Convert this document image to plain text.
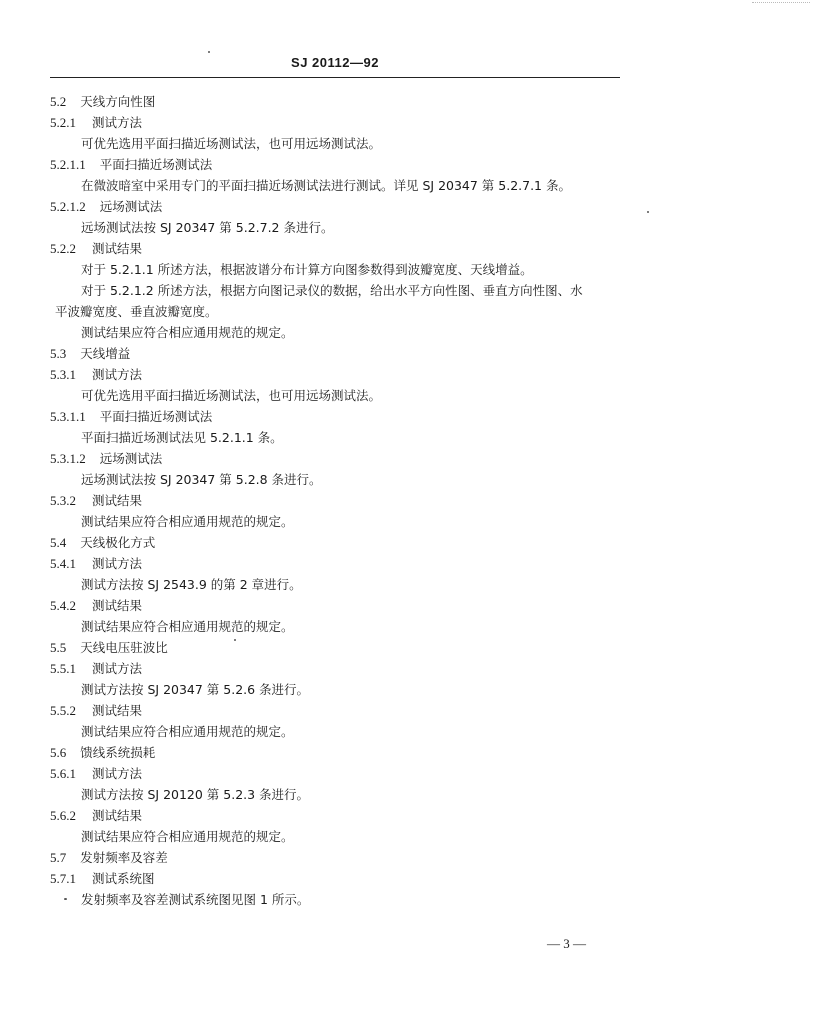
SJ 20112—92
5.2 天线方向性图
5.2.1 测试方法
可优先选用平面扫描近场测试法，也可用远场测试法。
5.2.1.1 平面扫描近场测试法
在微波暗室中采用专门的平面扫描近场测试法进行测试。详见 SJ 20347 第 5.2.7.1 条。
5.2.1.2 远场测试法
远场测试法按 SJ 20347 第 5.2.7.2 条进行。
5.2.2 测试结果
对于 5.2.1.1 所述方法，根据波谱分布计算方向图参数得到波瓣宽度、天线增益。
对于 5.2.1.2 所述方法，根据方向图记录仪的数据，给出水平方向性图、垂直方向性图、水
平波瓣宽度、垂直波瓣宽度。
测试结果应符合相应通用规范的规定。
5.3 天线增益
5.3.1 测试方法
可优先选用平面扫描近场测试法，也可用远场测试法。
5.3.1.1 平面扫描近场测试法
平面扫描近场测试法见 5.2.1.1 条。
5.3.1.2 远场测试法
远场测试法按 SJ 20347 第 5.2.8 条进行。
5.3.2 测试结果
测试结果应符合相应通用规范的规定。
5.4 天线极化方式
5.4.1 测试方法
测试方法按 SJ 2543.9 的第 2 章进行。
5.4.2 测试结果
测试结果应符合相应通用规范的规定。
5.5 天线电压驻波比
5.5.1 测试方法
测试方法按 SJ 20347 第 5.2.6 条进行。
5.5.2 测试结果
测试结果应符合相应通用规范的规定。
5.6 馈线系统损耗
5.6.1 测试方法
测试方法按 SJ 20120 第 5.2.3 条进行。
5.6.2 测试结果
测试结果应符合相应通用规范的规定。
5.7 发射频率及容差
5.7.1 测试系统图
发射频率及容差测试系统图见图 1 所示。
— 3 —
